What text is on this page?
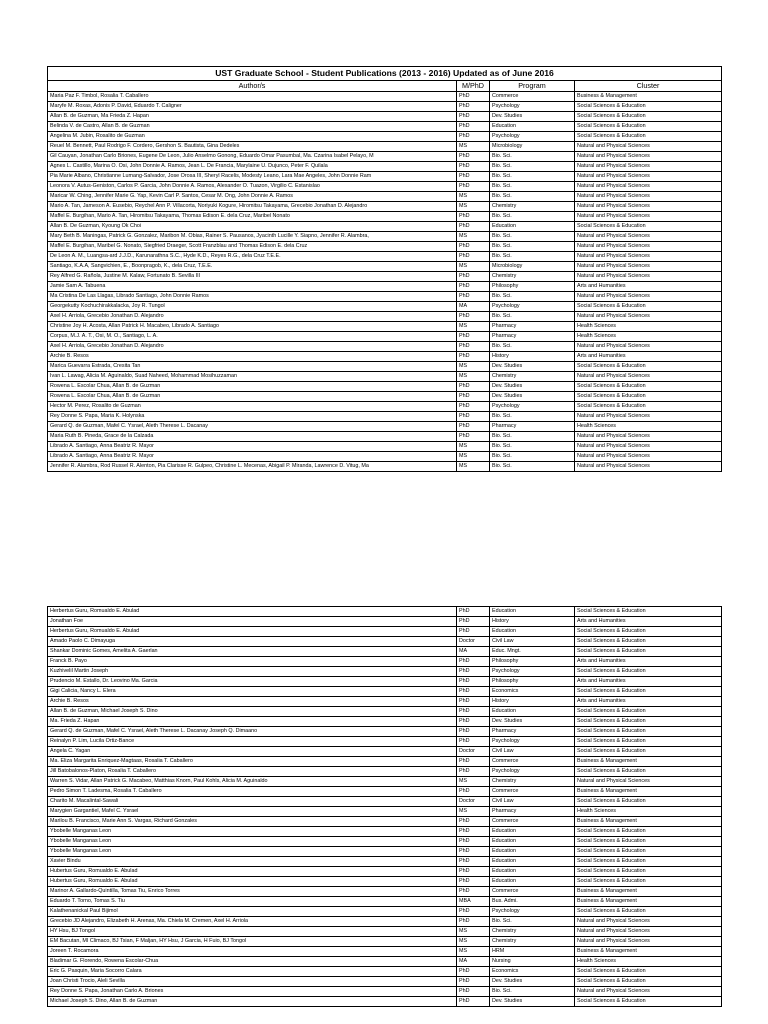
UST Graduate School - Student Publications (2013 - 2016) Updated as of June 2016			
Author/s	M/PhD	Program	Cluster
Maria Paz F. Timbol, Rosalia T. Caballero	PhD	Commerce	Business & Management
Maryfe M. Roxas, Adonis P. David, Eduardo T. Caligner	PhD	Psychology	Social Sciences & Education
Allan B. de Guzman, Ma Frieda Z. Hapan	PhD	Dev. Studies	Social Sciences & Education
Belinda V. de Castro, Allan B. de Guzman	PhD	Education	Social Sciences & Education
Angelina M. Jubin, Rosalito de Guzman	PhD	Psychology	Social Sciences & Education
Reuel M. Bennett, Paul Rodrigo F. Cordero, Gershon S. Bautista, Gina Dedeles	MS	Microbiology	Natural and Physical Sciences
Gil Cauyan, Jonathan Carlo Briones, Eugene De Leon, Julio Anselmo Gonong, Eduardo Omar Pasumbal, Ma. Czarina Isabel Pelayo, M	PhD	Bio. Sci.	Natural and Physical Sciences
Agnes L. Castillo, Marina O. Osi, John Donnie A. Ramos, Jean L. De Francia, Marylaine U. Dujunco, Peter F. Quilala	PhD	Bio. Sci.	Natural and Physical Sciences
Pia Marie Albano, Christianne Lumang-Salvador, Jose Orosa III, Sheryl Racelis, Modesty Leano, Lara Mae Angeles, John Donnie Ram	PhD	Bio. Sci.	Natural and Physical Sciences
Leonora V. Autus-Geniston, Carlos P. Garcia, John Donnie A. Ramos, Alexander O. Tuazon, Virgilio C. Estanislao	PhD	Bio. Sci.	Natural and Physical Sciences
Maricar W. Ching, Jennifer Marie G. Yap, Kevin Carl P. Santos, Cesar M. Ong, John Donnie A. Ramos	MS	Bio. Sci.	Natural and Physical Sciences
Mario A. Tan, Jameson A. Eusebio, Reychel Ann P. Villacorta, Noriyuki Kogure, Hiromitsu Takayama, Grecebio Jonathan D. Alejandro	MS	Chemistry	Natural and Physical Sciences
Maffel E. Burgihan, Mario A. Tan, Hiromitsu Takayama, Thomas Edison E. dela Cruz, Maribel Nonato	PhD	Bio. Sci.	Natural and Physical Sciences
Allan B. De Guzman, Kyoung Ok Choi	PhD	Education	Social Sciences & Education
Mary Beth B. Maningas, Patrick G. Gonzalez, Maribon M. Obias, Rainer S. Pausanos, Jyacinth Lucille Y. Siapno, Jennifer R. Alambra,	MS	Bio. Sci.	Natural and Physical Sciences
Maffel E. Burgihan, Maribel G. Nonato, Siegfried Draeger, Scott Franzblau and Thomas Edison E. dela Cruz	PhD	Bio. Sci.	Natural and Physical Sciences
De Leon A. M., Luangsa-ard J.J.D., Karunarathna S.C., Hyde K.D., Reyes R.G., dela Cruz T.E.E.	PhD	Bio. Sci.	Natural and Physical Sciences
Santiago, K.A.A, Sangvichien, E., Boonpragob, K., dela Cruz, T.E.E.	MS	Microbiology	Natural and Physical Sciences
Rey Alfred G. Rañola, Justine M. Kalaw, Fortunato B. Sevilla III	PhD	Chemistry	Natural and Physical Sciences
Jamie Sam A. Tabuena	PhD	Philosophy	Arts and Humanities
Ma Cristina De Las Llagas, Librado Santiago, John Donnie Ramos	PhD	Bio. Sci.	Natural and Physical Sciences
Georgekutty Kochuchirakkalacka, Joy R. Tungol	MA	Psychology	Social Sciences & Education
Axel H. Arriola, Grecebio Jonathan D. Alejandro	PhD	Bio. Sci.	Natural and Physical Sciences
Christine Joy H. Acosta, Allan Patrick H. Macabeo, Librado A. Santiago	MS	Pharmacy	Health Sciences
Corpus, M.J. A. T., Osi, M. O., Santiago, L. A.	PhD	Pharmacy	Health Sciences
Axel H. Arriola, Grecebio Jonathan D. Alejandro	PhD	Bio. Sci.	Natural and Physical Sciences
Archie B. Resos	PhD	History	Arts and Humanities
Marica Guevarra Estrada, Cresita Tan	MS	Dev. Studies	Social Sciences & Education
Ivan L. Lawag, Alicia M. Aguinaldo, Suad Naheed, Mohammad Mosihuzzaman	MS	Chemistry	Natural and Physical Sciences
Rowena L. Escolar Chua, Allan B. de Guzman	PhD	Dev. Studies	Social Sciences & Education
Rowena L. Escolar Chua, Allan B. de Guzman	PhD	Dev. Studies	Social Sciences & Education
Hector M. Perez, Rosalito de Guzman	PhD	Psychology	Social Sciences & Education
Rey Donne S. Papa, Maria K. Holynska	PhD	Bio. Sci.	Natural and Physical Sciences
Gerard Q. de Guzman, Mafel C. Ysrael, Aleth Therese L. Dacanay	PhD	Pharmacy	Health Sciences
Maria Ruth B. Pineda, Grace de la Calzada	PhD	Bio. Sci.	Natural and Physical Sciences
Librado A. Santiago, Anna Beatriz R. Mayor	MS	Bio. Sci.	Natural and Physical Sciences
Librado A. Santiago, Anna Beatriz R. Mayor	MS	Bio. Sci.	Natural and Physical Sciences
Jennifer R. Alambra, Rod Russel R. Alenton, Pia Clarisse R. Gulpeo, Christine L. Mecenas, Abigail P. Miranda, Lawrence D. Vitug, Ma	MS	Bio. Sci.	Natural and Physical Sciences
Herbertus Guru, Romualdo E. Abulad	PhD	Education	Social Sciences & Education
Jonathan Foe	PhD	History	Arts and Humanities
Herbertus Guru, Romualdo E. Abulad	PhD	Education	Social Sciences & Education
Amado Paolo C. Dimayuga	Doctor	Civil Law	Social Sciences & Education
Shankar Dominic Gomes, Amelita A. Gaerlan	MA	Educ. Mngt.	Social Sciences & Education
Franck B. Payo	PhD	Philosophy	Arts and Humanities
Kuzhivelil Martin Joseph	PhD	Psychology	Social Sciences & Education
Prudencio M. Estallo, Dr. Leovino Ma. Garcia	PhD	Philosophy	Arts and Humanities
Gigi Calicia, Nancy L. Elera	PhD	Economics	Social Sciences & Education
Archie B. Resos	PhD	History	Arts and Humanities
Allan B. de Guzman, Michael Joseph S. Dino	PhD	Education	Social Sciences & Education
Ma. Frieda Z. Hapan	PhD	Dev. Studies	Social Sciences & Education
Gerard Q. de Guzman, Mafel C. Ysrael, Aleth Therese L. Dacanay Joseph Q. Dimaano	PhD	Pharmacy	Social Sciences & Education
Reinalyn P. Lim, Lucila Ortiz-Bance	PhD	Psychology	Social Sciences & Education
Angela C. Yagan	Doctor	Civil Law	Social Sciences & Education
Ma. Eliza Margarita Enriquez-Magtaas, Rosalia T. Caballero	PhD	Commerce	Business & Management
Jill Batobalonos-Platon, Rosalia T. Caballero	PhD	Psychology	Social Sciences & Education
Warren S. Vidar, Allan Patrick G. Macabeo, Matthias Knorn, Paul Kohls, Alicia M. Aguinaldo	MS	Chemistry	Natural and Physical Sciences
Pedro Simon T. Ladesma, Rosalia T. Caballero	PhD	Commerce	Business & Management
Charito M. Macalintal-Sawali	Doctor	Civil Law	Social Sciences & Education
Marygien Gargantiel, Mafel C. Ysrael	MS	Pharmacy	Health Sciences
Marilou B. Francisco, Marie Ann S. Vargas, Richard Gonzales	PhD	Commerce	Business & Management
Ybobelle Manganas Leon	PhD	Education	Social Sciences & Education
Ybobelle Manganas Leon	PhD	Education	Social Sciences & Education
Ybobelle Manganas Leon	PhD	Education	Social Sciences & Education
Xavier Bindu	PhD	Education	Social Sciences & Education
Hubertus Guru, Romualdo E. Abulad	PhD	Education	Social Sciences & Education
Hubertus Guru, Romualdo E. Abulad	PhD	Education	Social Sciences & Education
Marinor A. Gallardo-Quintilla, Tomas Tiu, Enrico Torres	PhD	Commerce	Business & Management
Eduardo T. Torno, Tomas S. Tiu	MBA	Bus. Admi.	Business & Management
Kalathenanickal Paul Bijimol	PhD	Psychology	Social Sciences & Education
Grecebio JD Alejandro, Elizabeth H. Arenas, Ma. Chiela M. Cremen, Axel H. Arriola	PhD	Bio. Sci.	Natural and Physical Sciences
HY Hsu, BJ Tongol	MS	Chemistry	Natural and Physical Sciences
EM Bacutan, MI Climaco, BJ Tsian, F Maljan, HY Hsu, J Garcia, H Fuio, BJ Tongol	MS	Chemistry	Natural and Physical Sciences
Joreen T. Rocamora	MS	HRM	Business & Management
Bladimar G. Florendo, Rowena Escolar-Chua	MA	Nursing	Health Sciences
Eric G. Pasquin, Maria Socorro Calara	PhD	Economics	Social Sciences & Education
Joan Christi Trocio, Aleli Sevilla	PhD	Dev. Studies	Social Sciences & Education
Rey Donne S. Papa, Jonathan Carlo A. Briones	PhD	Bio. Sci.	Natural and Physical Sciences
Michael Joseph S. Dino, Allan B. de Guzman	PhD	Dev. Studies	Social Sciences & Education
